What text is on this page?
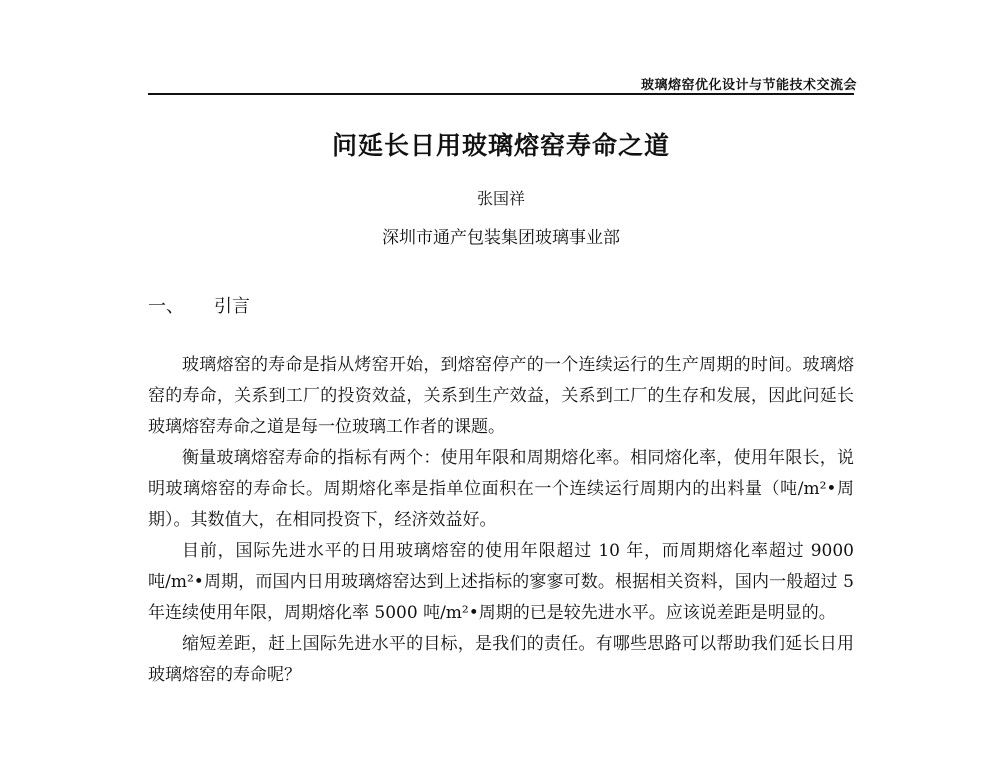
玻璃熔窑优化设计与节能技术交流会
问延长日用玻璃熔窑寿命之道
张国祥
深圳市通产包装集团玻璃事业部
一、 引言

玻璃熔窑的寿命是指从烤窑开始，到熔窑停产的一个连续运行的生产周期的时间。玻璃熔窑的寿命，关系到工厂的投资效益，关系到生产效益，关系到工厂的生存和发展，因此问延长玻璃熔窑寿命之道是每一位玻璃工作者的课题。

衡量玻璃熔窑寿命的指标有两个：使用年限和周期熔化率。相同熔化率，使用年限长，说明玻璃熔窑的寿命长。周期熔化率是指单位面积在一个连续运行周期内的出料量（吨/m²•周期）。其数值大，在相同投资下，经济效益好。

目前，国际先进水平的日用玻璃熔窑的使用年限超过 10 年，而周期熔化率超过 9000 吨/m²•周期，而国内日用玻璃熔窑达到上述指标的寥寥可数。根据相关资料，国内一般超过 5 年连续使用年限，周期熔化率 5000 吨/m²•周期的已是较先进水平。应该说差距是明显的。

缩短差距，赶上国际先进水平的目标，是我们的责任。有哪些思路可以帮助我们延长日用玻璃熔窑的寿命呢？
